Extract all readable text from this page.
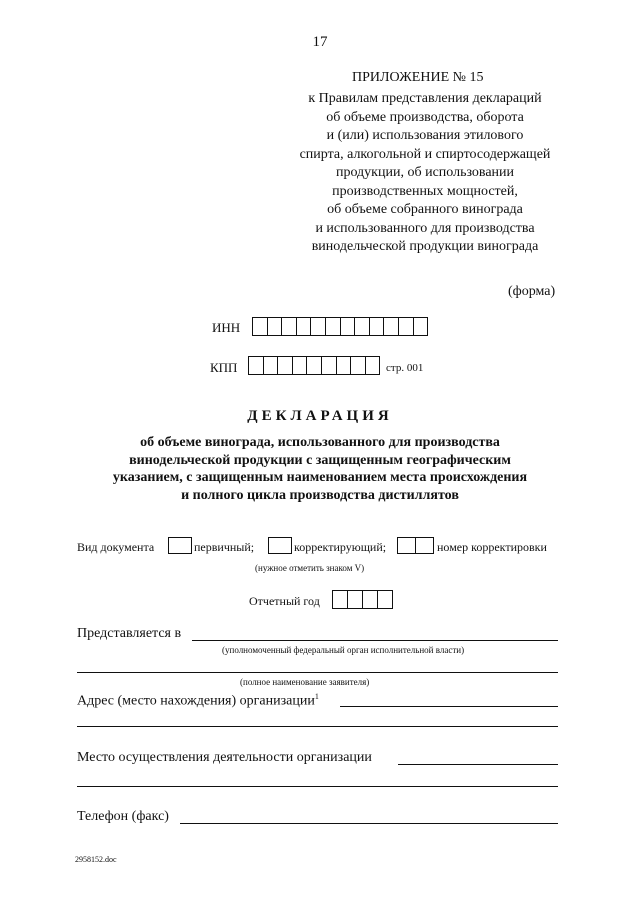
17
ПРИЛОЖЕНИЕ № 15
к Правилам представления деклараций
об объеме производства, оборота
и (или) использования этилового
спирта, алкогольной и спиртосодержащей
продукции, об использовании
производственных мощностей,
об объеме собранного винограда
и использованного для производства
винодельческой продукции винограда
(форма)
ИНН
КПП	стр. 001
ДЕКЛАРАЦИЯ
об объеме винограда, использованного для производства
винодельческой продукции с защищенным географическим
указанием, с защищенным наименованием места происхождения
и полного цикла производства дистиллятов
Вид документа	первичный;	корректирующий;	номер корректировки
(нужное отметить знаком V)
Отчетный год
Представляется в
(уполномоченный федеральный орган исполнительной власти)
(полное наименование заявителя)
Адрес (место нахождения) организации$^1$
Место осуществления деятельности организации
Телефон (факс)
2958152.doc
